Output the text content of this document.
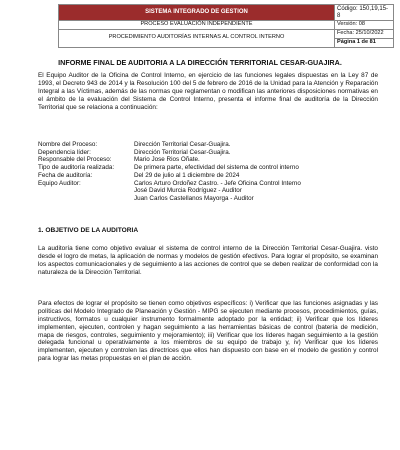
SISTEMA INTEGRADO DE GESTION	Código: 150,19,15-8
PROCESO EVALUACIÓN INDEPENDIENTE	Versión: 08
PROCEDIMIENTO AUDITORÍAS INTERNAS AL CONTROL INTERNO	Fecha: 25/10/2022
	Página 1 de 81
INFORME FINAL DE AUDITORIA A LA DIRECCIÓN TERRITORIAL CESAR-GUAJIRA.
El Equipo Auditor de la Oficina de Control Interno, en ejercicio de las funciones legales dispuestas en la Ley 87 de 1993, el Decreto 943 de 2014 y la Resolución 100 del 5 de febrero de 2016 de la Unidad para la Atención y Reparación Integral a las Víctimas, además de las normas que reglamentan o modifican las anteriores disposiciones normativas en el ámbito de la evaluación del Sistema de Control Interno, presenta el informe final de auditoría de la Dirección Territorial que se relaciona a continuación:
Nombre del Proceso:	Dirección Territorial Cesar-Guajira.
Dependencia líder:	Dirección Territorial Cesar-Guajira.
Responsable del Proceso:	Mario Jose Rios Oñate.
Tipo de auditoría realizada:	De primera parte, efectividad del sistema de control interno
Fecha de auditoría:	Del 29 de julio al 1 diciembre de 2024
Equipo Auditor:	Carlos Arturo Ordoñez Castro. - Jefe Oficina Control Interno
José David Murcia Rodríguez - Auditor
Juan Carlos Castellanos Mayorga - Auditor
1. OBJETIVO DE LA AUDITORIA
La auditoría tiene como objetivo evaluar el sistema de control interno de la Dirección Territorial Cesar-Guajira. visto desde el logro de metas, la aplicación de normas y modelos de gestión efectivos. Para lograr el propósito, se examinan los aspectos comunicacionales y de seguimiento a las acciones de control que se deben realizar de conformidad con la naturaleza de la Dirección Territorial.
Para efectos de lograr el propósito se tienen como objetivos específicos: i) Verificar que las funciones asignadas y las políticas del Modelo Integrado de Planeación y Gestión - MIPG se ejecuten mediante procesos, procedimientos, guías, instructivos, formatos u cualquier instrumento formalmente adoptado por la entidad; ii) Verificar que los líderes implementen, ejecuten, controlen y hagan seguimiento a las herramientas básicas de control (batería de medición, mapa de riesgos, controles, seguimiento y mejoramiento); iii) Verificar que los líderes hagan seguimiento a la gestión delegada funcional u operativamente a los miembros de su equipo de trabajo y, iv) Verificar que los líderes implementen, ejecuten y controlen las directrices que ellos han dispuesto con base en el modelo de gestión y control para lograr las metas propuestas en el plan de acción.
